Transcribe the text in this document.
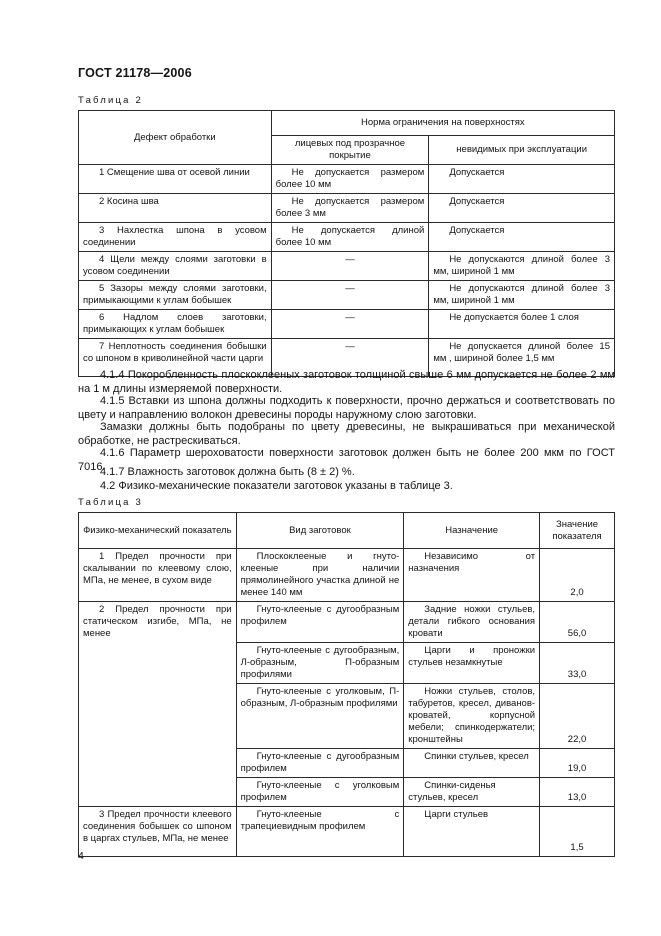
ГОСТ 21178—2006
Таблица 2
Дефект обработки	Норма ограничения на поверхностях	
	лицевых под прозрачное покрытие	невидимых при эксплуатации
1 Смещение шва от осевой линии	Не допускается размером более 10 мм	Допускается
2 Косина шва	Не допускается размером более 3 мм	Допускается
3 Нахлестка шпона в усовом соединении	Не допускается длиной более 10 мм	Допускается
4 Щели между слоями заготовки в усовом соединении	—	Не допускаются длиной более 3 мм, шириной 1 мм
5 Зазоры между слоями заготовки, примыкающими к углам бобышек	—	Не допускаются длиной более 3 мм, шириной 1 мм
6 Надлом слоев заготовки, примыкающих к углам бобышек	—	Не допускается более 1 слоя
7 Неплотность соединения бобышки со шпоном в криволинейной части царги	—	Не допускается длиной более 15 мм , шириной более 1,5 мм
4.1.4 Покоробленность плоскоклееных заготовок толщиной свыше 6 мм допускается не более 2 мм на 1 м длины измеряемой поверхности.
4.1.5 Вставки из шпона должны подходить к поверхности, прочно держаться и соответствовать по цвету и направлению волокон древесины породы наружному слою заготовки.
Замазки должны быть подобраны по цвету древесины, не выкрашиваться при механической обработке, не растрескиваться.
4.1.6 Параметр шероховатости поверхности заготовок должен быть не более 200 мкм по ГОСТ 7016.
4.1.7 Влажность заготовок должна быть (8 ± 2) %.
4.2 Физико-механические показатели заготовок указаны в таблице 3.
Таблица 3
Физико-механический показатель	Вид заготовок	Назначение	Значение показателя
1 Предел прочности при скалывании по клеевому слою, МПа, не менее, в сухом виде	Плоскоклееные и гнуто-клееные при наличии прямолинейного участка длиной не менее 140 мм	Независимо от назначения	2,0
2 Предел прочности при статическом изгибе, МПа, не менее	Гнуто-клееные с дугообразным профилем	Задние ножки стульев, детали гибкого основания кровати	56,0
	Гнуто-клееные с дугообразным, Л-образным, П-образным профилями	Царги и проножки стульев незамкнутые	33,0
	Гнуто-клееные с уголковым, П-образным, Л-образным профилями	Ножки стульев, столов, табуретов, кресел, диванов-кроватей, корпусной мебели; спинкодержатели; кронштейны	22,0
	Гнуто-клееные с дугообразным профилем	Спинки стульев, кресел	19,0
	Гнуто-клееные с уголковым профилем	Спинки-сиденья стульев, кресел	13,0
3 Предел прочности клеевого соединения бобышек со шпоном в царгах стульев, МПа, не менее	Гнуто-клееные с трапециевидным профилем	Царги стульев	1,5
4
